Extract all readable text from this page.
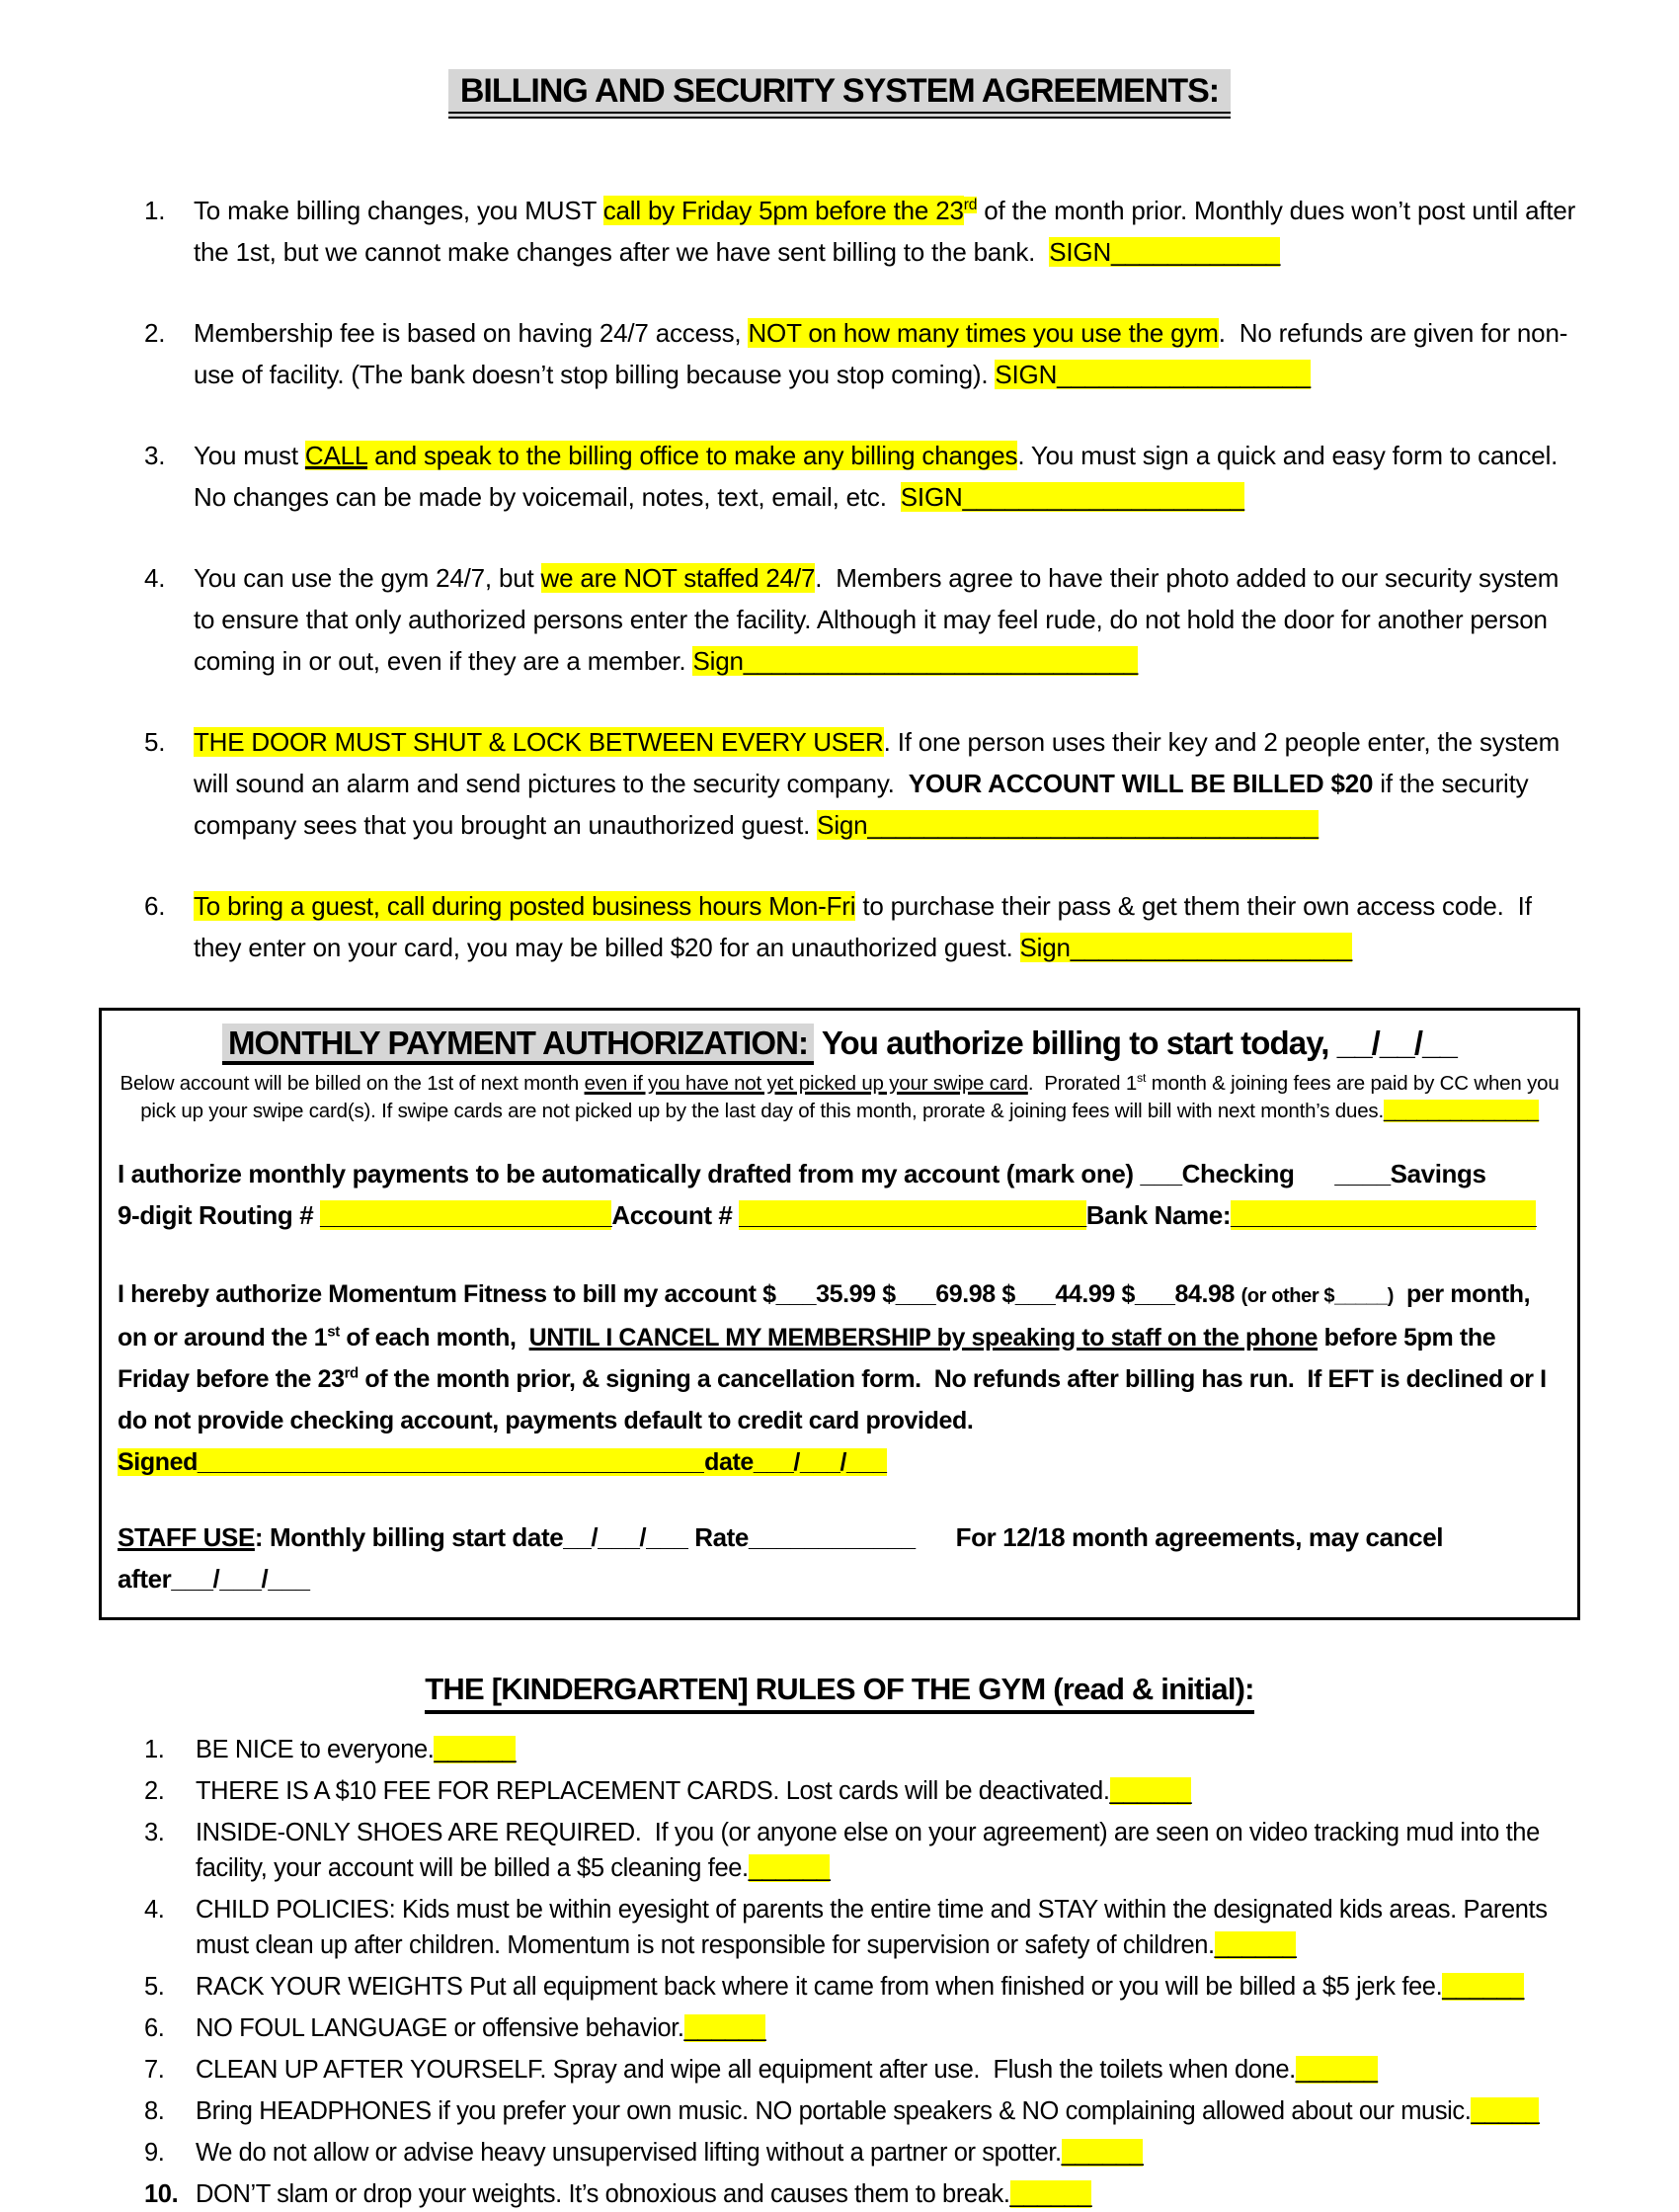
BILLING AND SECURITY SYSTEM AGREEMENTS:
1.	To make billing changes, you MUST call by Friday 5pm before the 23rd of the month prior. Monthly dues won’t post until after the 1st, but we cannot make changes after we have sent billing to the bank.  SIGN____________
2.	Membership fee is based on having 24/7 access, NOT on how many times you use the gym.  No refunds are given for non-use of facility. (The bank doesn’t stop billing because you stop coming). SIGN__________________
3.	You must CALL and speak to the billing office to make any billing changes. You must sign a quick and easy form to cancel. No changes can be made by voicemail, notes, text, email, etc.  SIGN____________________
4.	You can use the gym 24/7, but we are NOT staffed 24/7.  Members agree to have their photo added to our security system to ensure that only authorized persons enter the facility. Although it may feel rude, do not hold the door for another person coming in or out, even if they are a member. Sign____________________________
5.	THE DOOR MUST SHUT & LOCK BETWEEN EVERY USER. If one person uses their key and 2 people enter, the system will sound an alarm and send pictures to the security company.  YOUR ACCOUNT WILL BE BILLED $20 if the security company sees that you brought an unauthorized guest. Sign________________________________
6.	To bring a guest, call during posted business hours Mon-Fri to purchase their pass & get them their own access code.  If they enter on your card, you may be billed $20 for an unauthorized guest. Sign____________________
MONTHLY PAYMENT AUTHORIZATION: You authorize billing to start today, __/__/__
Below account will be billed on the 1st of next month even if you have not yet picked up your swipe card.  Prorated 1st month & joining fees are paid by CC when you pick up your swipe card(s). If swipe cards are not picked up by the last day of this month, prorate & joining fees will bill with next month’s dues.______________
I authorize monthly payments to be automatically drafted from my account (mark one) ___Checking      ____Savings
9-digit Routing # _____________________Account # _________________________Bank Name:______________________
I hereby authorize Momentum Fitness to bill my account $___35.99 $___69.98 $___44.99 $___84.98 (or other $_____)  per month, on or around the 1st of each month,  UNTIL I CANCEL MY MEMBERSHIP by speaking to staff on the phone before 5pm the Friday before the 23rd of the month prior, & signing a cancellation form.  No refunds after billing has run.  If EFT is declined or I do not provide checking account, payments default to credit card provided. Signed______________________________________date___/___/___
STAFF USE: Monthly billing start date__/___/___ Rate____________      For 12/18 month agreements, may cancel after___/___/___
THE [KINDERGARTEN] RULES OF THE GYM (read & initial):
1.	BE NICE to everyone.______
2.	THERE IS A $10 FEE FOR REPLACEMENT CARDS. Lost cards will be deactivated.______
3.	INSIDE-ONLY SHOES ARE REQUIRED.  If you (or anyone else on your agreement) are seen on video tracking mud into the facility, your account will be billed a $5 cleaning fee.______
4.	CHILD POLICIES: Kids must be within eyesight of parents the entire time and STAY within the designated kids areas. Parents must clean up after children. Momentum is not responsible for supervision or safety of children.______
5.	RACK YOUR WEIGHTS Put all equipment back where it came from when finished or you will be billed a $5 jerk fee.______
6.	NO FOUL LANGUAGE or offensive behavior.______
7.	CLEAN UP AFTER YOURSELF. Spray and wipe all equipment after use.  Flush the toilets when done.______
8.	Bring HEADPHONES if you prefer your own music. NO portable speakers & NO complaining allowed about our music._____
9.	We do not allow or advise heavy unsupervised lifting without a partner or spotter.______
10. DON’T slam or drop your weights. It’s obnoxious and causes them to break.______
